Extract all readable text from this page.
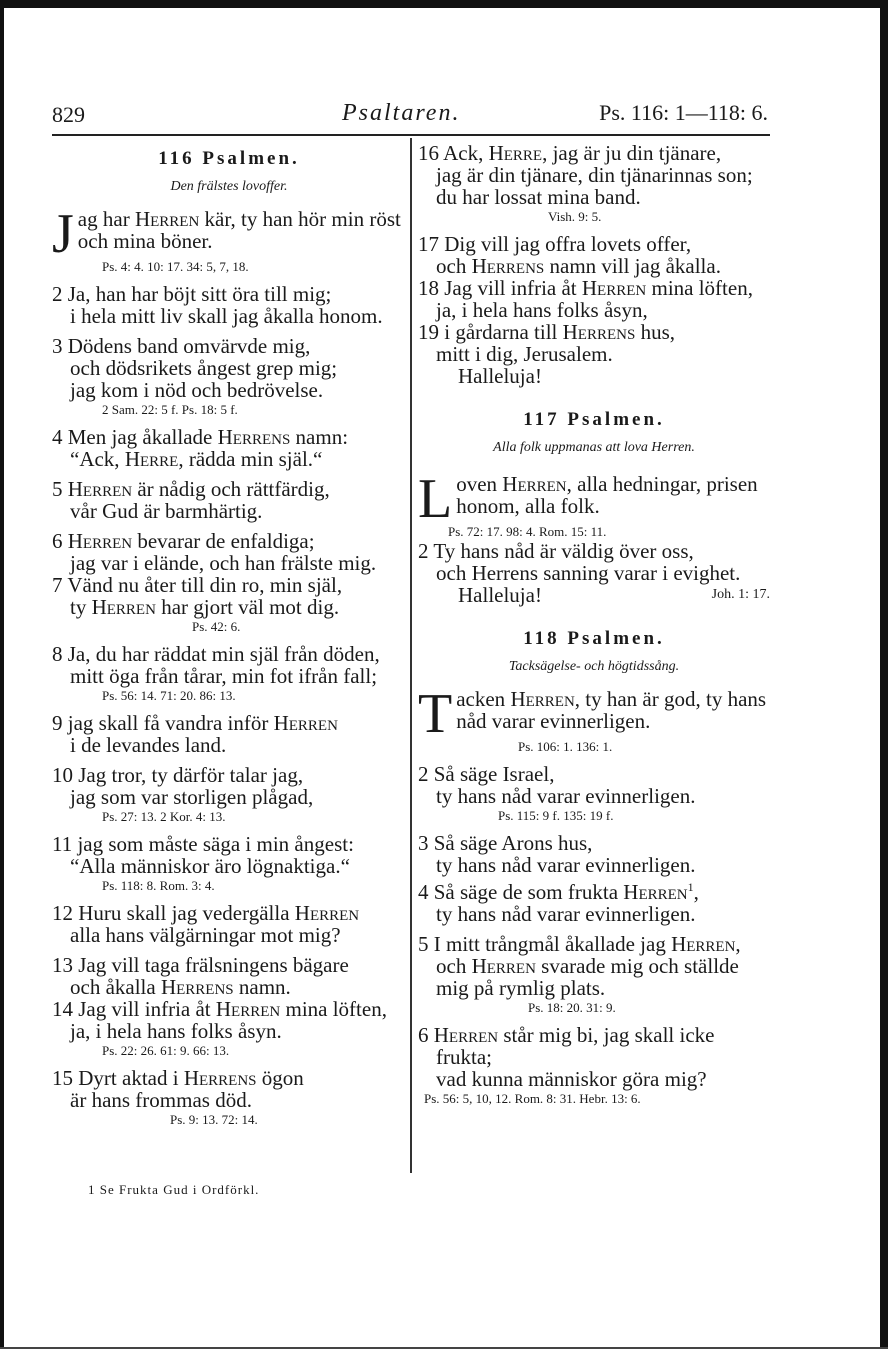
829	Psaltaren.	Ps. 116: 1—118: 6.
116 Psalmen.
Den frälstes lovoffer.
J ag har Herren kär, ty han hör min röst och mina böner.

Ps. 4: 4. 10: 17. 34: 5, 7, 18.

2 Ja, han har böjt sitt öra till mig;
i hela mitt liv skall jag åkalla honom.

3 Dödens band omvärvde mig,
och dödsrikets ångest grep mig;
jag kom i nöd och bedrövelse.

2 Sam. 22: 5 f. Ps. 18: 5 f.

4 Men jag åkallade Herrens namn:
“Ack, Herre, rädda min själ.“

5 Herren är nådig och rättfärdig,
vår Gud är barmhärtig.

6 Herren bevarar de enfaldiga;
jag var i elände, och han frälste mig.

7 Vänd nu åter till din ro, min själ,
ty Herren har gjort väl mot dig.

Ps. 42: 6.

8 Ja, du har räddat min själ från döden,
mitt öga från tårar, min fot ifrån fall;

Ps. 56: 14. 71: 20. 86: 13.

9 jag skall få vandra inför Herren
i de levandes land.

10 Jag tror, ty därför talar jag,
jag som var storligen plågad,

Ps. 27: 13. 2 Kor. 4: 13.

11 jag som måste säga i min ångest:
“Alla människor äro lögnaktiga.“

Ps. 118: 8. Rom. 3: 4.

12 Huru skall jag vedergälla Herren
alla hans välgärningar mot mig?

13 Jag vill taga frälsningens bägare
och åkalla Herrens namn.

14 Jag vill infria åt Herren mina löften,
ja, i hela hans folks åsyn.

Ps. 22: 26. 61: 9. 66: 13.

15 Dyrt aktad i Herrens ögon
är hans frommas död.

Ps. 9: 13. 72: 14.

16 Ack, Herre, jag är ju din tjänare,
jag är din tjänare, din tjänarinnas son;
du har lossat mina band.

Vish. 9: 5.

17 Dig vill jag offra lovets offer,
och Herrens namn vill jag åkalla.

18 Jag vill infria åt Herren mina löften,
ja, i hela hans folks åsyn,

19 i gårdarna till Herrens hus,
mitt i dig, Jerusalem.
Halleluja!

117 Psalmen.
Alla folk uppmanas att lova Herren.
L oven Herren, alla hedningar, prisen honom, alla folk.

Ps. 72: 17. 98: 4. Rom. 15: 11.

2 Ty hans nåd är väldig över oss,
och Herrens sanning varar i evighet.
Halleluja!	Joh. 1: 17.

118 Psalmen.
Tacksägelse- och högtidssång.
T acken Herren, ty han är god, ty hans nåd varar evinnerligen.

Ps. 106: 1. 136: 1.

2 Så säge Israel,
ty hans nåd varar evinnerligen.

Ps. 115: 9 f. 135: 19 f.

3 Så säge Arons hus,
ty hans nåd varar evinnerligen.

4 Så säge de som frukta Herren$^1$,
ty hans nåd varar evinnerligen.

5 I mitt trångmål åkallade jag Herren,
och Herren svarade mig och ställde mig på rymlig plats.

Ps. 18: 20. 31: 9.

6 Herren står mig bi, jag skall icke frukta;
vad kunna människor göra mig?

Ps. 56: 5, 10, 12. Rom. 8: 31. Hebr. 13: 6.

1 Se Frukta Gud i Ordförkl.
